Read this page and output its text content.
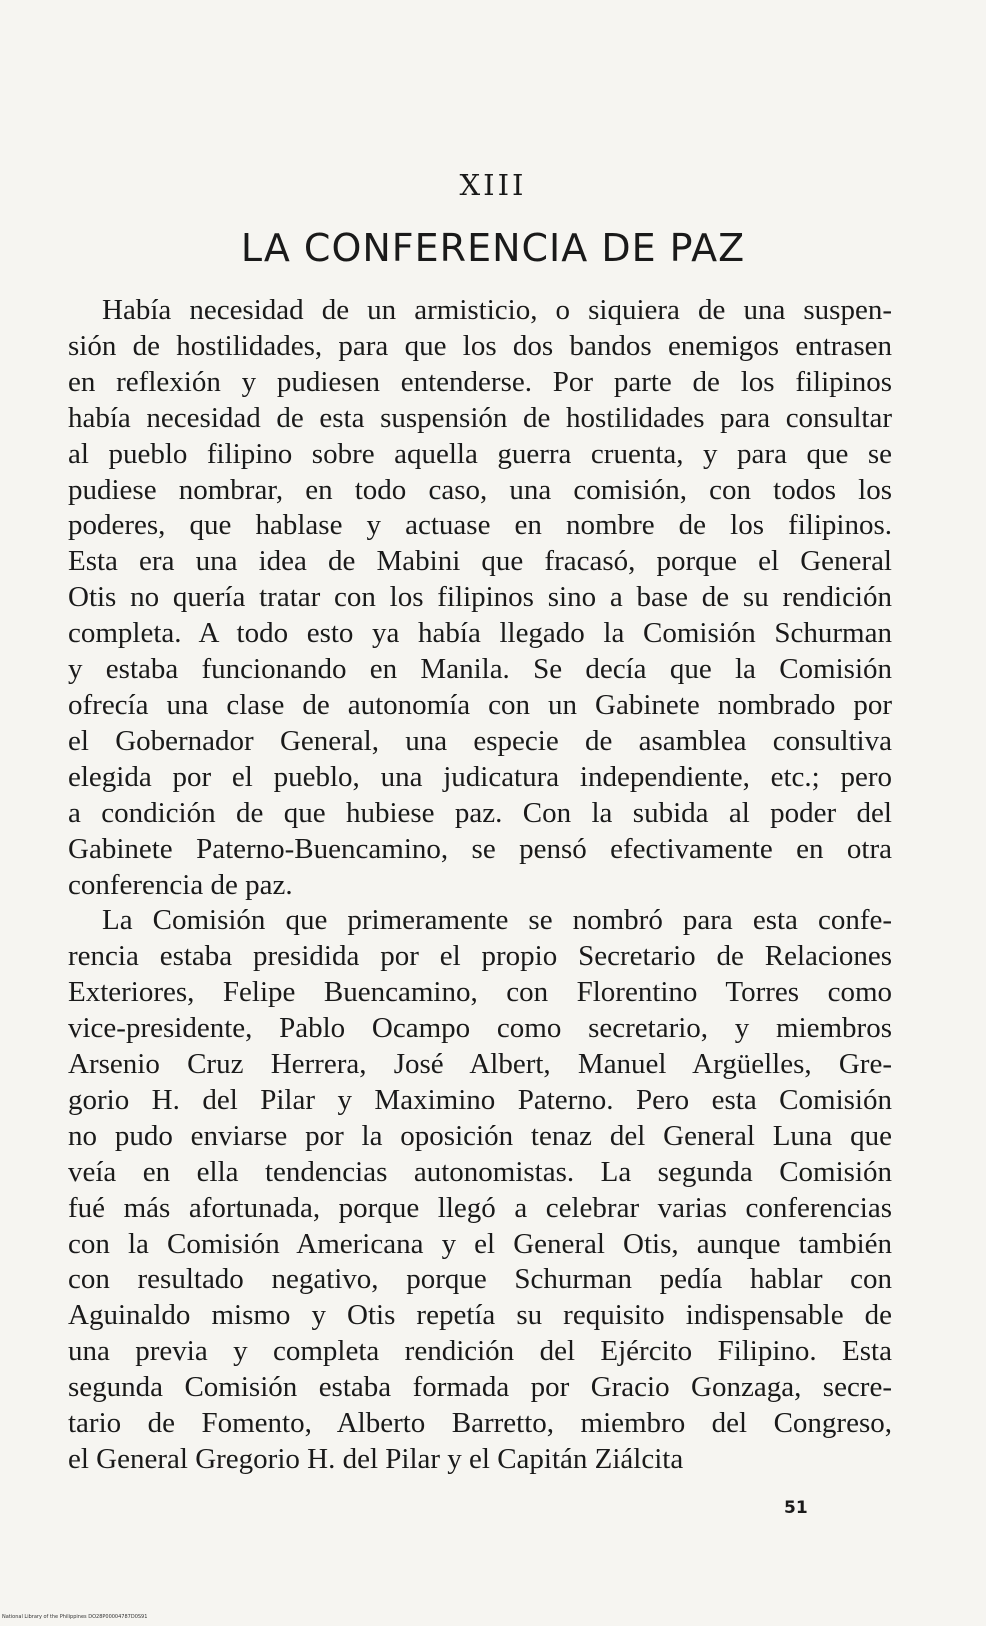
XIII
LA CONFERENCIA DE PAZ
Había necesidad de un armisticio, o siquiera de una suspen-
sión de hostilidades, para que los dos bandos enemigos entrasen
en reflexión y pudiesen entenderse. Por parte de los filipinos
había necesidad de esta suspensión de hostilidades para consultar
al pueblo filipino sobre aquella guerra cruenta, y para que se
pudiese nombrar, en todo caso, una comisión, con todos los
poderes, que hablase y actuase en nombre de los filipinos.
Esta era una idea de Mabini que fracasó, porque el General
Otis no quería tratar con los filipinos sino a base de su rendición
completa. A todo esto ya había llegado la Comisión Schurman
y estaba funcionando en Manila. Se decía que la Comisión
ofrecía una clase de autonomía con un Gabinete nombrado por
el Gobernador General, una especie de asamblea consultiva
elegida por el pueblo, una judicatura independiente, etc.; pero
a condición de que hubiese paz. Con la subida al poder del
Gabinete Paterno-Buencamino, se pensó efectivamente en otra
conferencia de paz.
La Comisión que primeramente se nombró para esta confe-
rencia estaba presidida por el propio Secretario de Relaciones
Exteriores, Felipe Buencamino, con Florentino Torres como
vice-presidente, Pablo Ocampo como secretario, y miembros
Arsenio Cruz Herrera, José Albert, Manuel Argüelles, Gre-
gorio H. del Pilar y Maximino Paterno. Pero esta Comisión
no pudo enviarse por la oposición tenaz del General Luna que
veía en ella tendencias autonomistas. La segunda Comisión
fué más afortunada, porque llegó a celebrar varias conferencias
con la Comisión Americana y el General Otis, aunque también
con resultado negativo, porque Schurman pedía hablar con
Aguinaldo mismo y Otis repetía su requisito indispensable de
una previa y completa rendición del Ejército Filipino. Esta
segunda Comisión estaba formada por Gracio Gonzaga, secre-
tario de Fomento, Alberto Barretto, miembro del Congreso,
el General Gregorio H. del Pilar y el Capitán Ziálcita
51
National Library of the Philippines DO28P00004787D0S91
